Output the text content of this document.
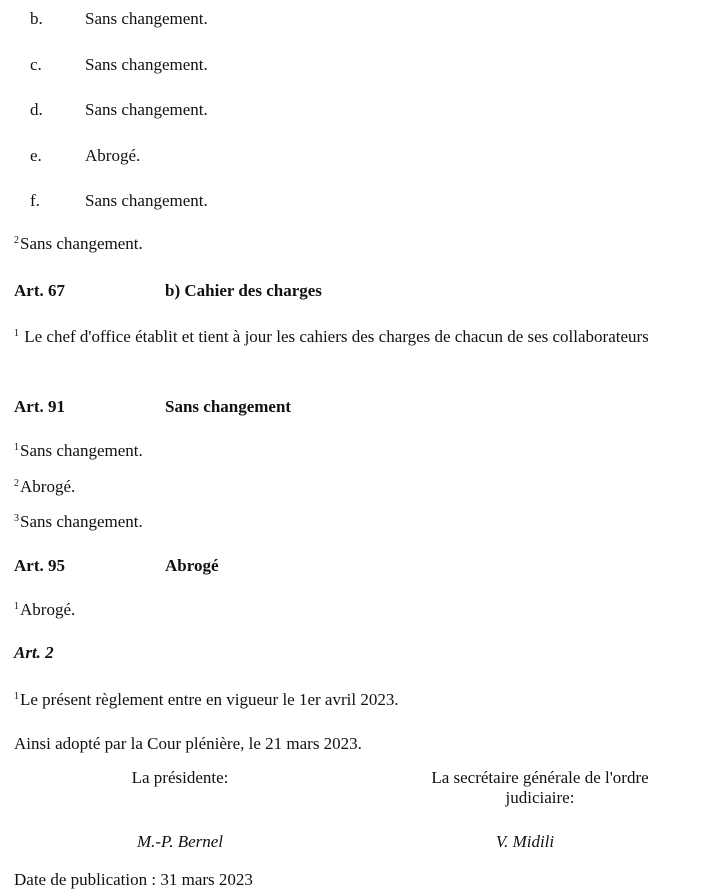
b. Sans changement.
c.	Sans changement.
d. Sans changement.
e.	Abrogé.
f.	Sans changement.
$^2$Sans changement.
Art. 67	b) Cahier des charges
$^1$ Le chef d'office établit et tient à jour les cahiers des charges de chacun de ses collaborateurs
Art. 91	Sans changement
$^1$Sans changement.
$^2$Abrogé.
$^3$Sans changement.
Art. 95	Abrogé
$^1$Abrogé.
Art. 2
$^1$Le présent règlement entre en vigueur le 1er avril 2023.
Ainsi adopté par la Cour plénière, le 21 mars 2023.
La présidente:	La secrétaire générale de l'ordre
judiciaire:
M.-P. Bernel	V. Midili
Date de publication : 31 mars 2023
